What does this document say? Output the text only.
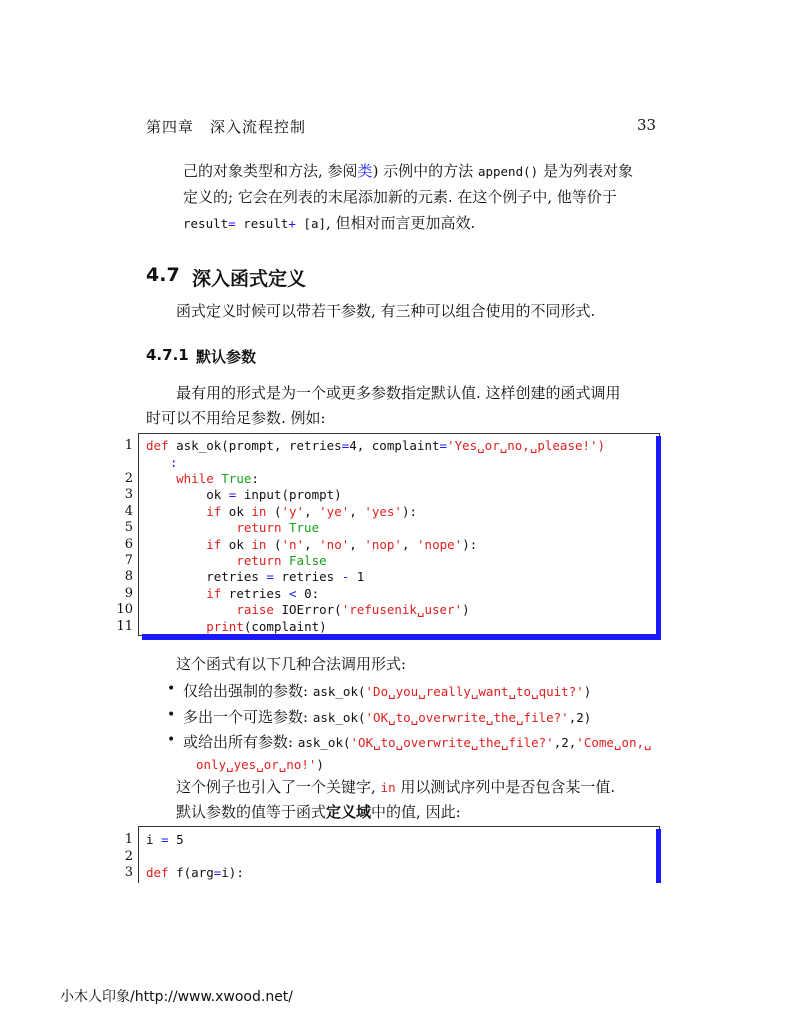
第四章　深入流程控制	33
己的对象类型和方法, 参阅类) 示例中的方法 append() 是为列表对象
定义的; 它会在列表的末尾添加新的元素. 在这个例子中, 他等价于
result= result+ [a], 但相对而言更加高效.
4.7 深入函式定义
函式定义时候可以带若干参数, 有三种可以组合使用的不同形式.
4.7.1 默认参数
最有用的形式是为一个或更多参数指定默认值. 这样创建的函式调用
时可以不用给足参数. 例如:
1 def ask_ok(prompt, retries=4, complaint='Yes␣or␣no,␣please!')
2	while True:
3 ok = input(prompt)
4	if ok in ('y', 'ye', 'yes'):
5	return True
6	if ok in ('n', 'no', 'nop', 'nope'):
7	return False
8 retries = retries - 1
9	if retries < 0:
10	raise IOError('refusenik␣user')
11	print(complaint)
:
这个函式有以下几种合法调用形式:
• 仅给出强制的参数: ask_ok('Do␣you␣really␣want␣to␣quit?')
• 多出一个可选参数: ask_ok('OK␣to␣overwrite␣the␣file?',2)
• 或给出所有参数: ask_ok('OK␣to␣overwrite␣the␣file?',2,'Come␣on,␣
only␣yes␣or␣no!')
这个例子也引入了一个关键字, in 用以测试序列中是否包含某一值.
默认参数的值等于函式定义域中的值, 因此:
1 i = 5
2
3 def f(arg=i):
小木人印象/http://www.xwood.net/
